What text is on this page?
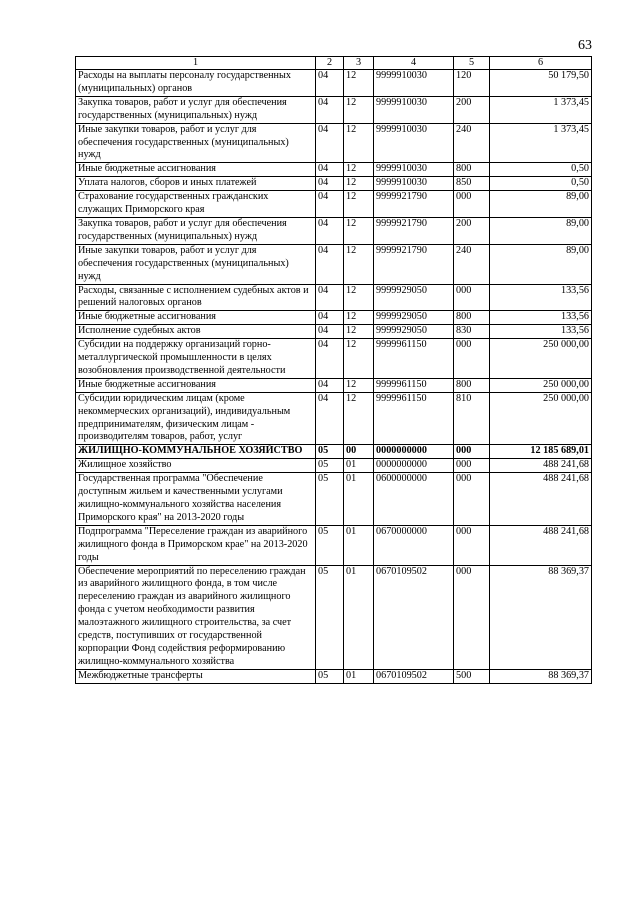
63
1	2	3	4	5	6
Расходы на выплаты персоналу государственных (муниципальных) органов	04	12	9999910030	120	50 179,50
Закупка товаров, работ и услуг для обеспечения государственных (муниципальных) нужд	04	12	9999910030	200	1 373,45
Иные закупки товаров, работ и услуг для обеспечения государственных (муниципальных) нужд	04	12	9999910030	240	1 373,45
Иные бюджетные ассигнования	04	12	9999910030	800	0,50
Уплата налогов, сборов и иных платежей	04	12	9999910030	850	0,50
Страхование государственных гражданских служащих Приморского края	04	12	9999921790	000	89,00
Закупка товаров, работ и услуг для обеспечения государственных (муниципальных) нужд	04	12	9999921790	200	89,00
Иные закупки товаров, работ и услуг для обеспечения государственных (муниципальных) нужд	04	12	9999921790	240	89,00
Расходы, связанные с исполнением судебных актов и решений налоговых органов	04	12	9999929050	000	133,56
Иные бюджетные ассигнования	04	12	9999929050	800	133,56
Исполнение судебных актов	04	12	9999929050	830	133,56
Субсидии на поддержку организаций горно-металлургической промышленности в целях возобновления производственной деятельности	04	12	9999961150	000	250 000,00
Иные бюджетные ассигнования	04	12	9999961150	800	250 000,00
Субсидии юридическим лицам (кроме некоммерческих организаций), индивидуальным предпринимателям, физическим лицам - производителям товаров, работ, услуг	04	12	9999961150	810	250 000,00
ЖИЛИЩНО-КОММУНАЛЬНОЕ ХОЗЯЙСТВО	05	00	0000000000	000	12 185 689,01
Жилищное хозяйство	05	01	0000000000	000	488 241,68
Государственная программа "Обеспечение доступным жильем и качественными услугами жилищно-коммунального хозяйства населения Приморского края" на 2013-2020 годы	05	01	0600000000	000	488 241,68
Подпрограмма "Переселение граждан из аварийного жилищного фонда в Приморском крае" на 2013-2020 годы	05	01	0670000000	000	488 241,68
Обеспечение мероприятий по переселению граждан из аварийного жилищного фонда, в том числе переселению граждан из аварийного жилищного фонда с учетом необходимости развития малоэтажного жилищного строительства, за счет средств, поступивших от государственной корпорации Фонд содействия реформированию жилищно-коммунального хозяйства	05	01	0670109502	000	88 369,37
Межбюджетные трансферты	05	01	0670109502	500	88 369,37
